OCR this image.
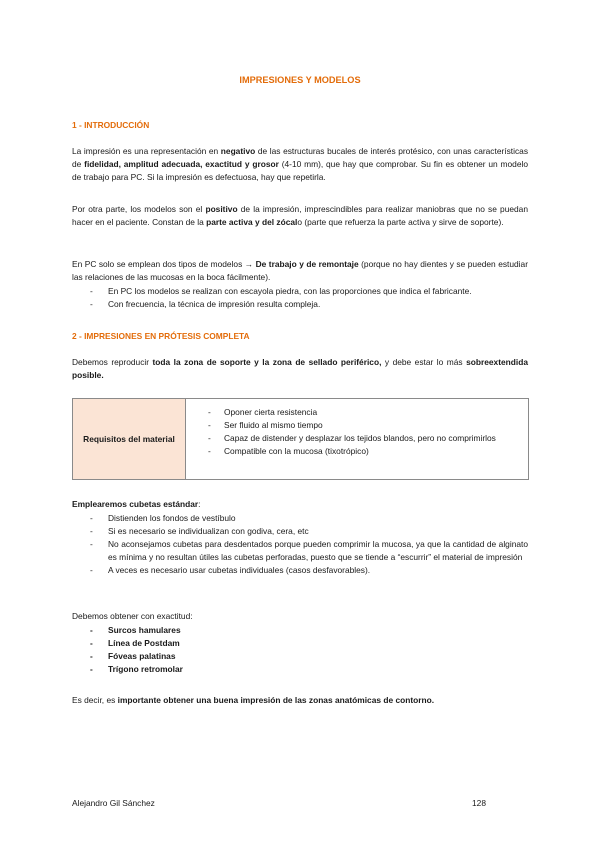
IMPRESIONES Y MODELOS
1 - INTRODUCCIÓN
La impresión es una representación en negativo de las estructuras bucales de interés protésico, con unas características de fidelidad, amplitud adecuada, exactitud y grosor (4-10 mm), que hay que comprobar. Su fin es obtener un modelo de trabajo para PC. Si la impresión es defectuosa, hay que repetirla.
Por otra parte, los modelos son el positivo de la impresión, imprescindibles para realizar maniobras que no se puedan hacer en el paciente. Constan de la parte activa y del zócalo (parte que refuerza la parte activa y sirve de soporte).
En PC solo se emplean dos tipos de modelos → De trabajo y de remontaje (porque no hay dientes y se pueden estudiar las relaciones de las mucosas en la boca fácilmente).
- En PC los modelos se realizan con escayola piedra, con las proporciones que indica el fabricante.
- Con frecuencia, la técnica de impresión resulta compleja.
2 - IMPRESIONES EN PRÓTESIS COMPLETA
Debemos reproducir toda la zona de soporte y la zona de sellado periférico, y debe estar lo más sobreextendida posible.
Requisitos del material
- Oponer cierta resistencia
- Ser fluido al mismo tiempo
- Capaz de distender y desplazar los tejidos blandos, pero no comprimirlos
- Compatible con la mucosa (tixotrópico)
Emplearemos cubetas estándar:
- Distienden los fondos de vestíbulo
- Si es necesario se individualizan con godiva, cera, etc
- No aconsejamos cubetas para desdentados porque pueden comprimir la mucosa, ya que la cantidad de alginato es mínima y no resultan útiles las cubetas perforadas, puesto que se tiende a “escurrir” el material de impresión
- A veces es necesario usar cubetas individuales (casos desfavorables).
Debemos obtener con exactitud:
- Surcos hamulares
- Línea de Postdam
- Fóveas palatinas
- Trígono retromolar
Es decir, es importante obtener una buena impresión de las zonas anatómicas de contorno.
Alejandro Gil Sánchez	128
